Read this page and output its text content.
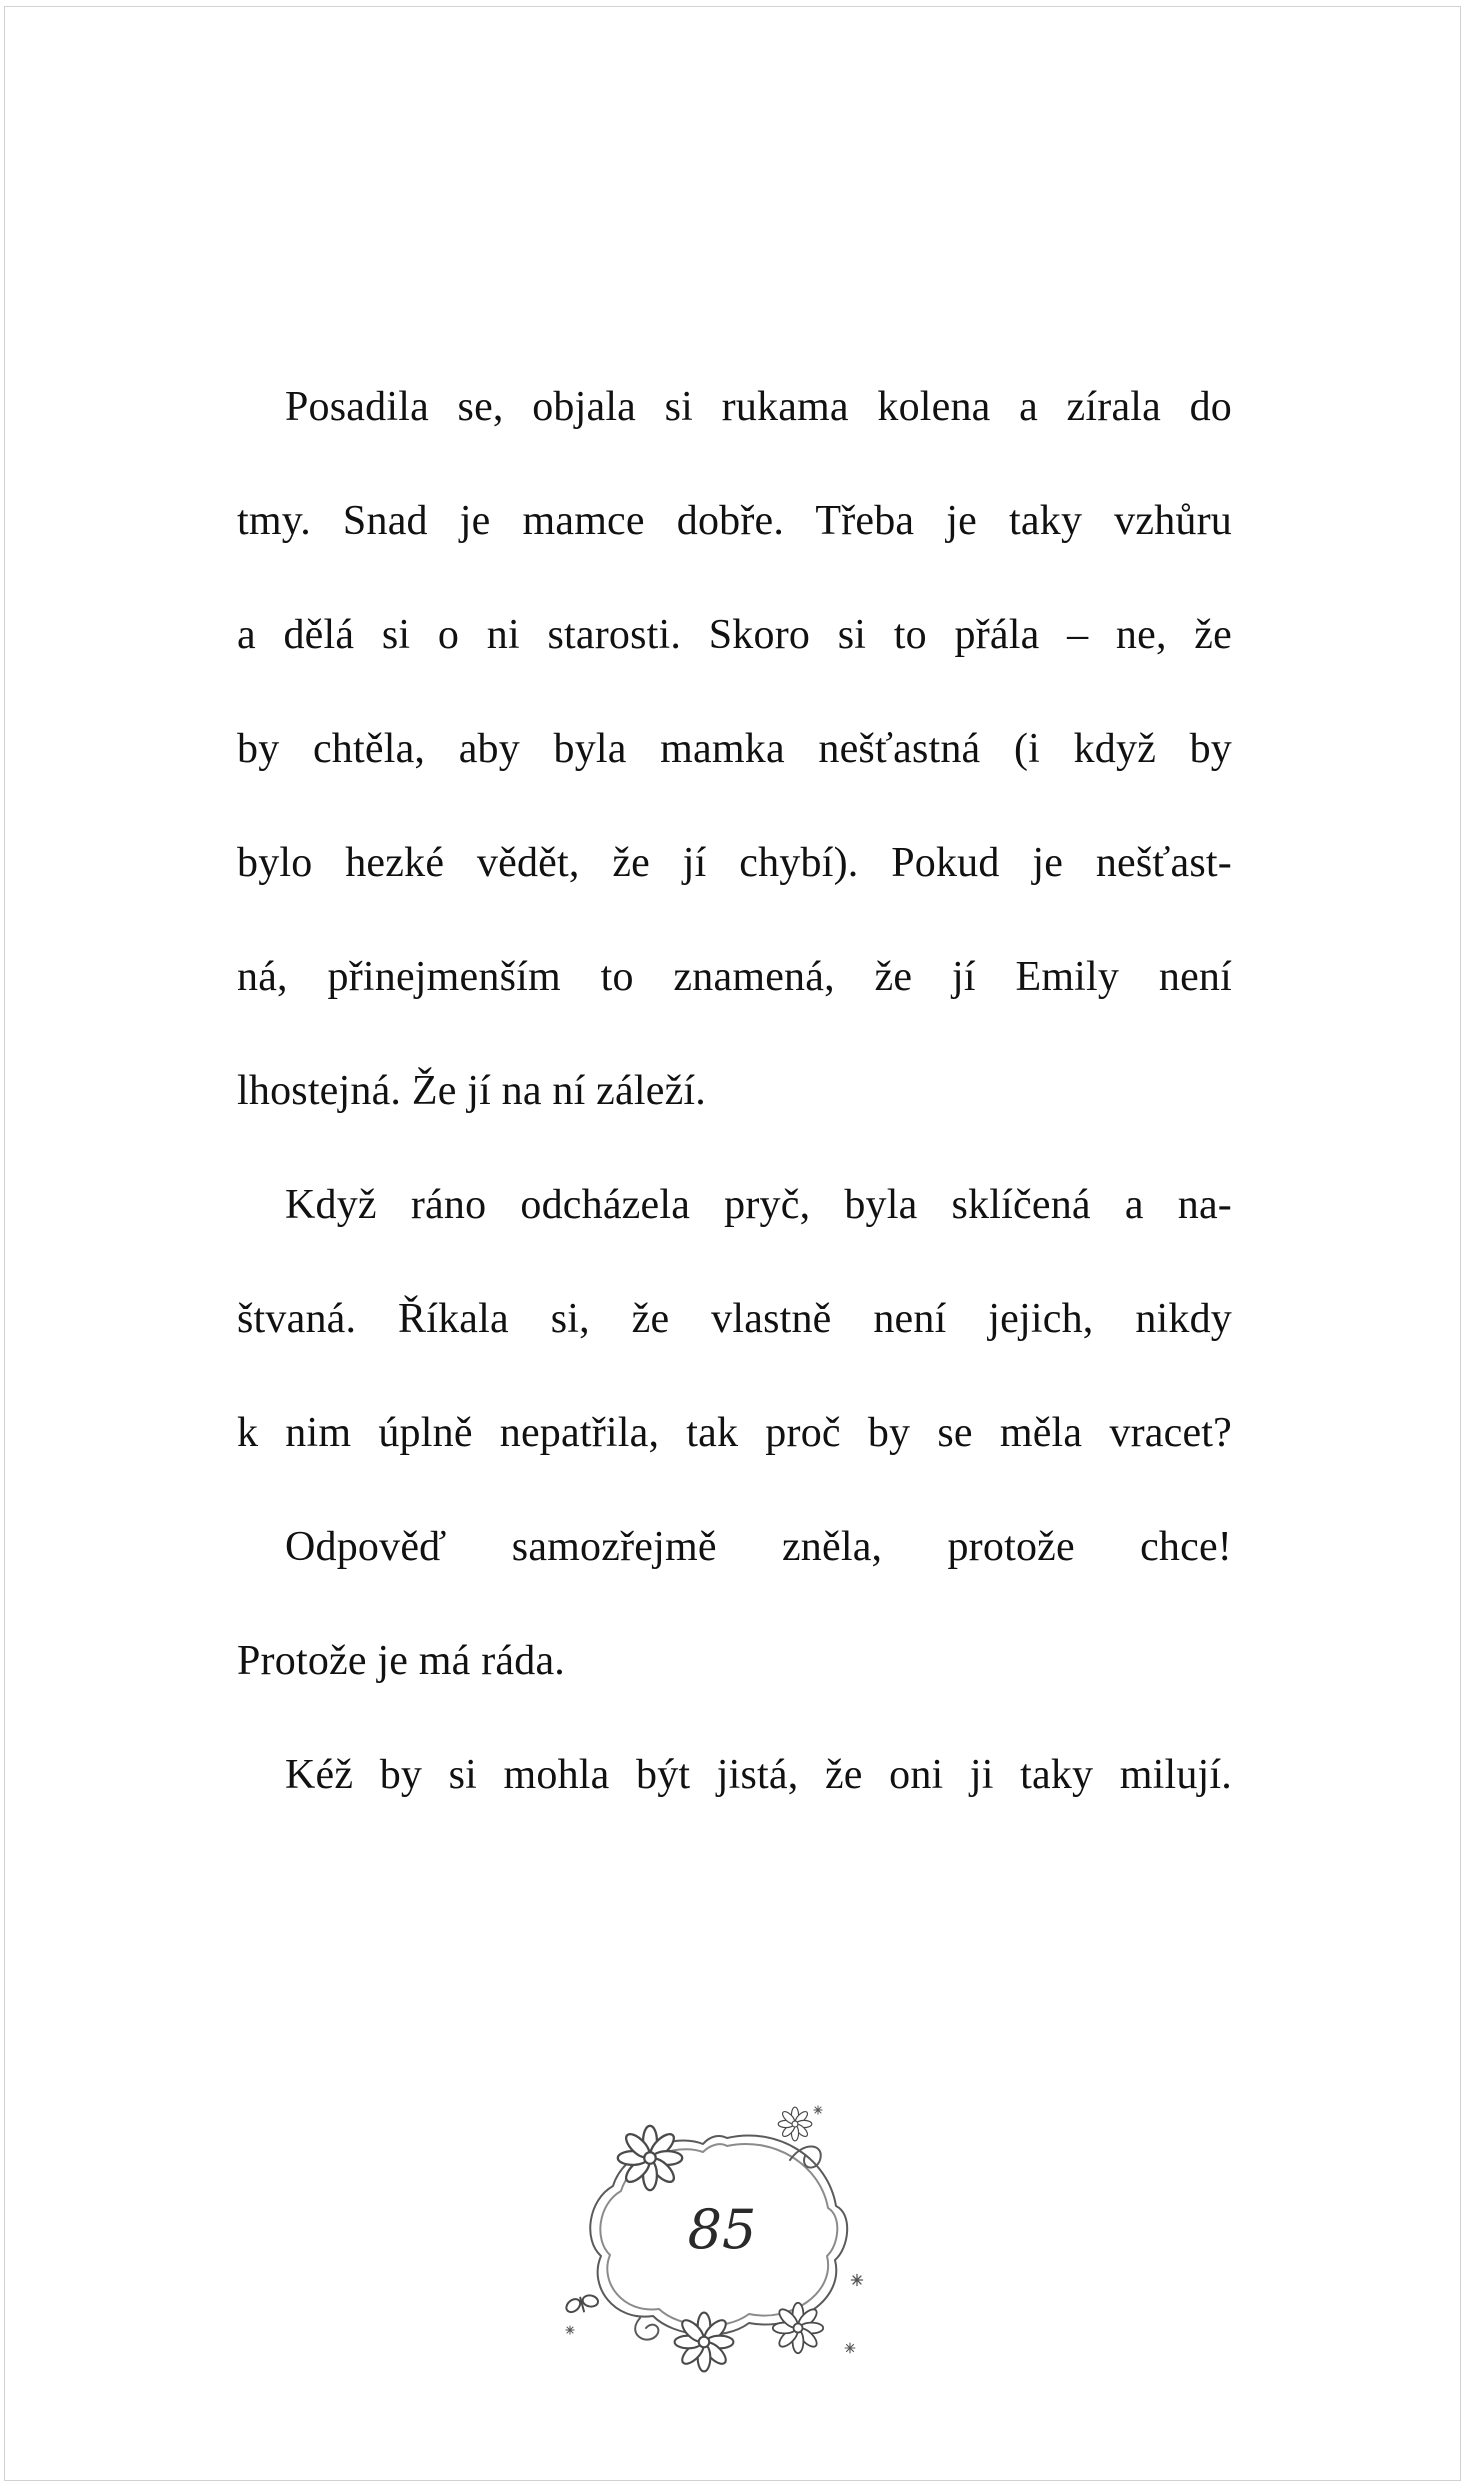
Posadila se, objala si rukama kolena a zírala do
tmy. Snad je mamce dobře. Třeba je taky vzhůru
a dělá si o ni starosti. Skoro si to přála – ne, že
by chtěla, aby byla mamka nešťastná (i když by
bylo hezké vědět, že jí chybí). Pokud je nešťast-
ná, přinejmenším to znamená, že jí Emily není
lhostejná. Že jí na ní záleží.
Když ráno odcházela pryč, byla sklíčená a na-
štvaná. Říkala si, že vlastně není jejich, nikdy
k nim úplně nepatřila, tak proč by se měla vracet?
Odpověď samozřejmě zněla, protože chce!
Protože je má ráda.
Kéž by si mohla být jistá, že oni ji taky milují.
85
